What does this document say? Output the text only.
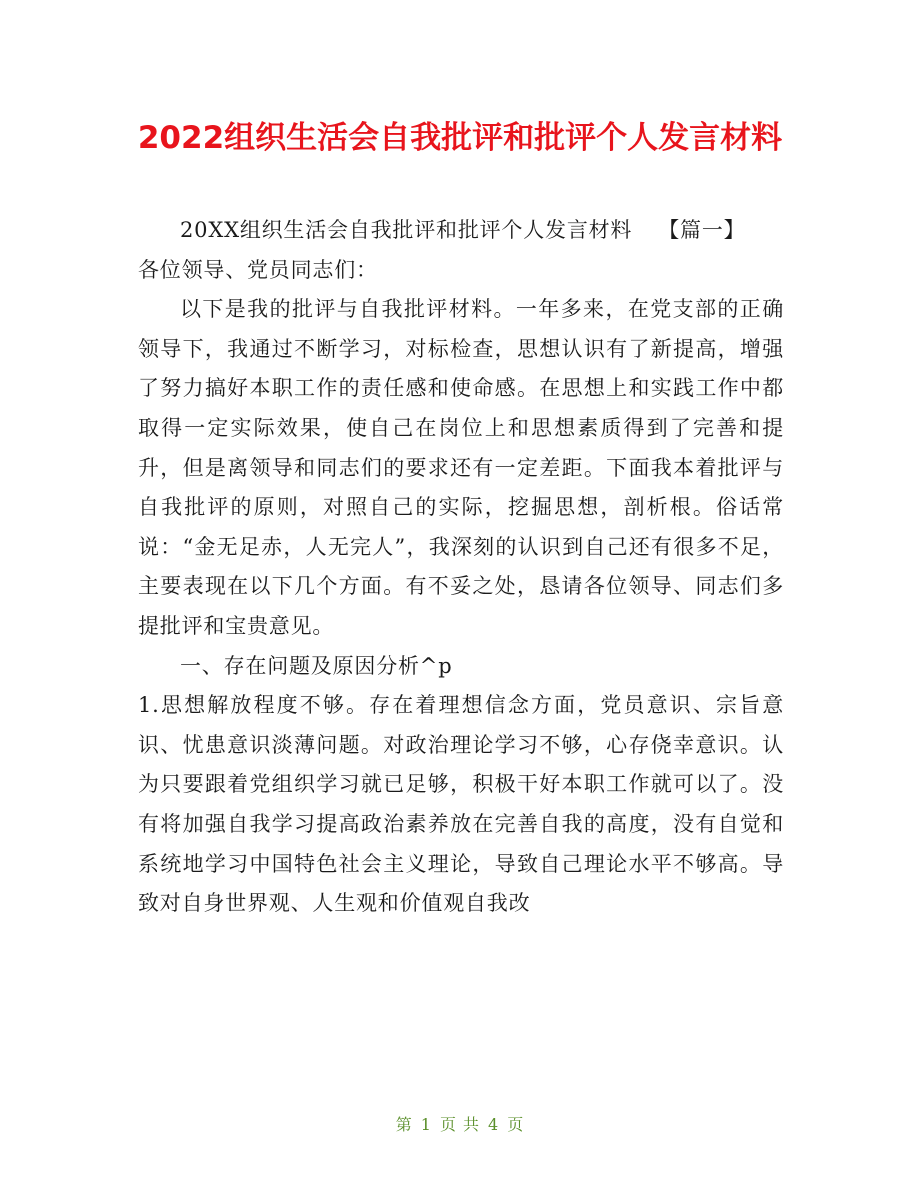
2022组织生活会自我批评和批评个人发言材料

20XX组织生活会自我批评和批评个人发言材料 【篇一】

各位领导、党员同志们：

以下是我的批评与自我批评材料。一年多来，在党支部的正确领导下，我通过不断学习，对标检查，思想认识有了新提高，增强了努力搞好本职工作的责任感和使命感。在思想上和实践工作中都取得一定实际效果，使自己在岗位上和思想素质得到了完善和提升，但是离领导和同志们的要求还有一定差距。下面我本着批评与自我批评的原则，对照自己的实际，挖掘思想，剖析根。俗话常说：“金无足赤，人无完人”，我深刻的认识到自己还有很多不足，主要表现在以下几个方面。有不妥之处，恳请各位领导、同志们多提批评和宝贵意见。

一、存在问题及原因分析^p

1.思想解放程度不够。存在着理想信念方面，党员意识、宗旨意识、忧患意识淡薄问题。对政治理论学习不够，心存侥幸意识。认为只要跟着党组织学习就已足够，积极干好本职工作就可以了。没有将加强自我学习提高政治素养放在完善自我的高度，没有自觉和系统地学习中国特色社会主义理论，导致自己理论水平不够高。导致对自身世界观、人生观和价值观自我改

第 1 页 共 4 页
